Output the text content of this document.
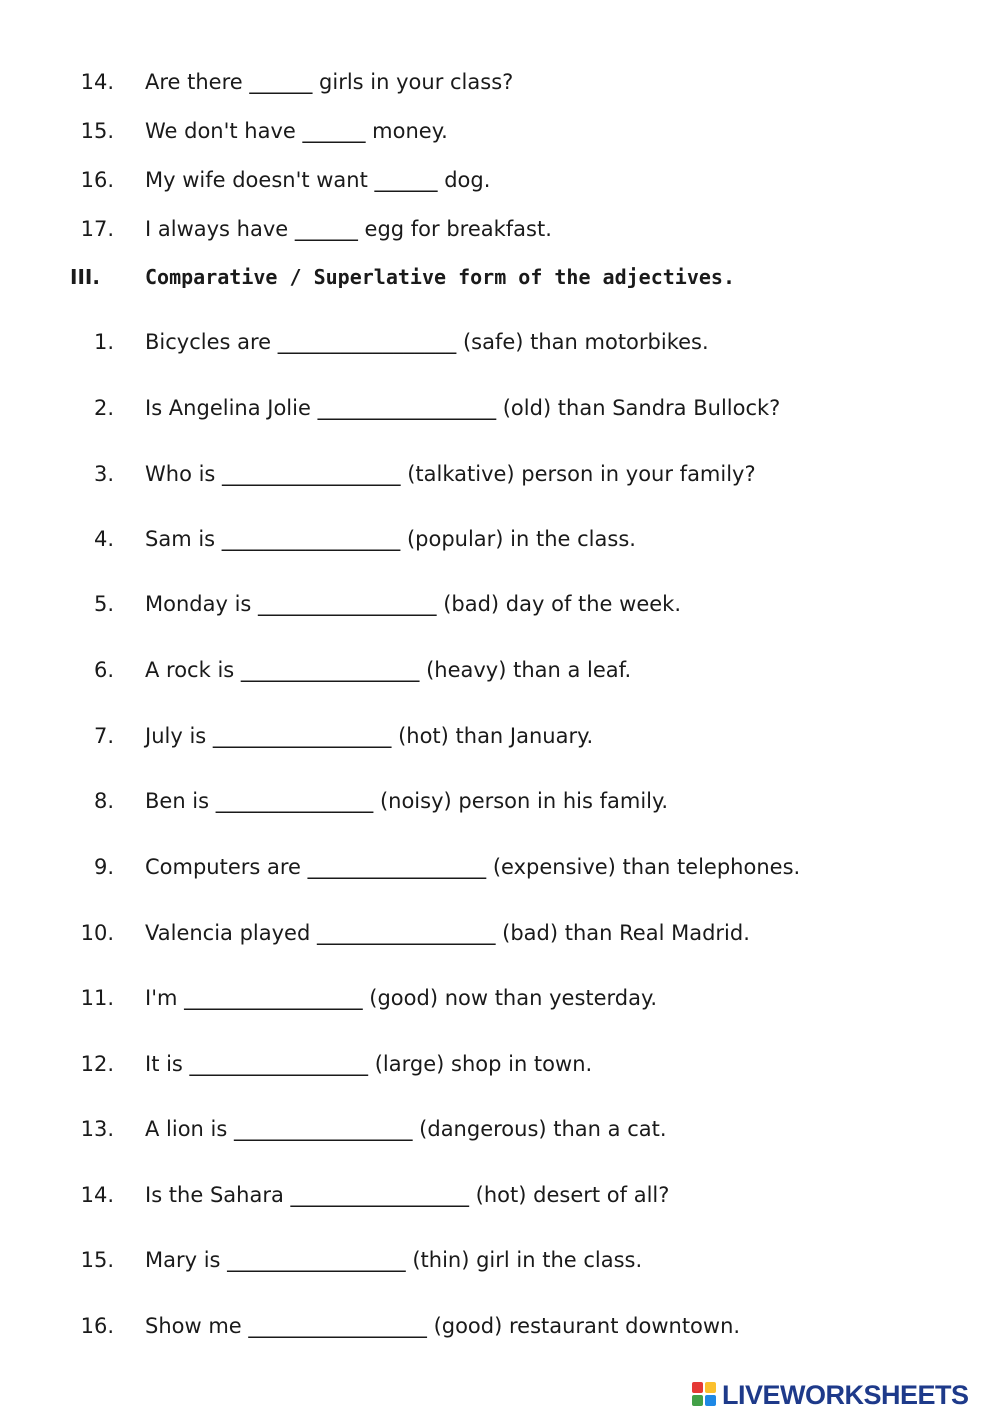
14. Are there ______ girls in your class?
15. We don't have ______ money.
16. My wife doesn't want ______ dog.
17. I always have ______ egg for breakfast.
III. Comparative / Superlative form of the adjectives.
1. Bicycles are _________________ (safe) than motorbikes.
2. Is Angelina Jolie _________________ (old) than Sandra Bullock?
3. Who is _________________ (talkative) person in your family?
4. Sam is _________________ (popular) in the class.
5. Monday is _________________ (bad) day of the week.
6. A rock is _________________ (heavy) than a leaf.
7. July is _________________ (hot) than January.
8. Ben is _______________ (noisy) person in his family.
9. Computers are _________________ (expensive) than telephones.
10. Valencia played _________________ (bad) than Real Madrid.
11. I'm _________________ (good) now than yesterday.
12. It is _________________ (large) shop in town.
13. A lion is _________________ (dangerous) than a cat.
14. Is the Sahara _________________ (hot) desert of all?
15. Mary is _________________ (thin) girl in the class.
16. Show me _________________ (good) restaurant downtown.
LIVEWORKSHEETS
